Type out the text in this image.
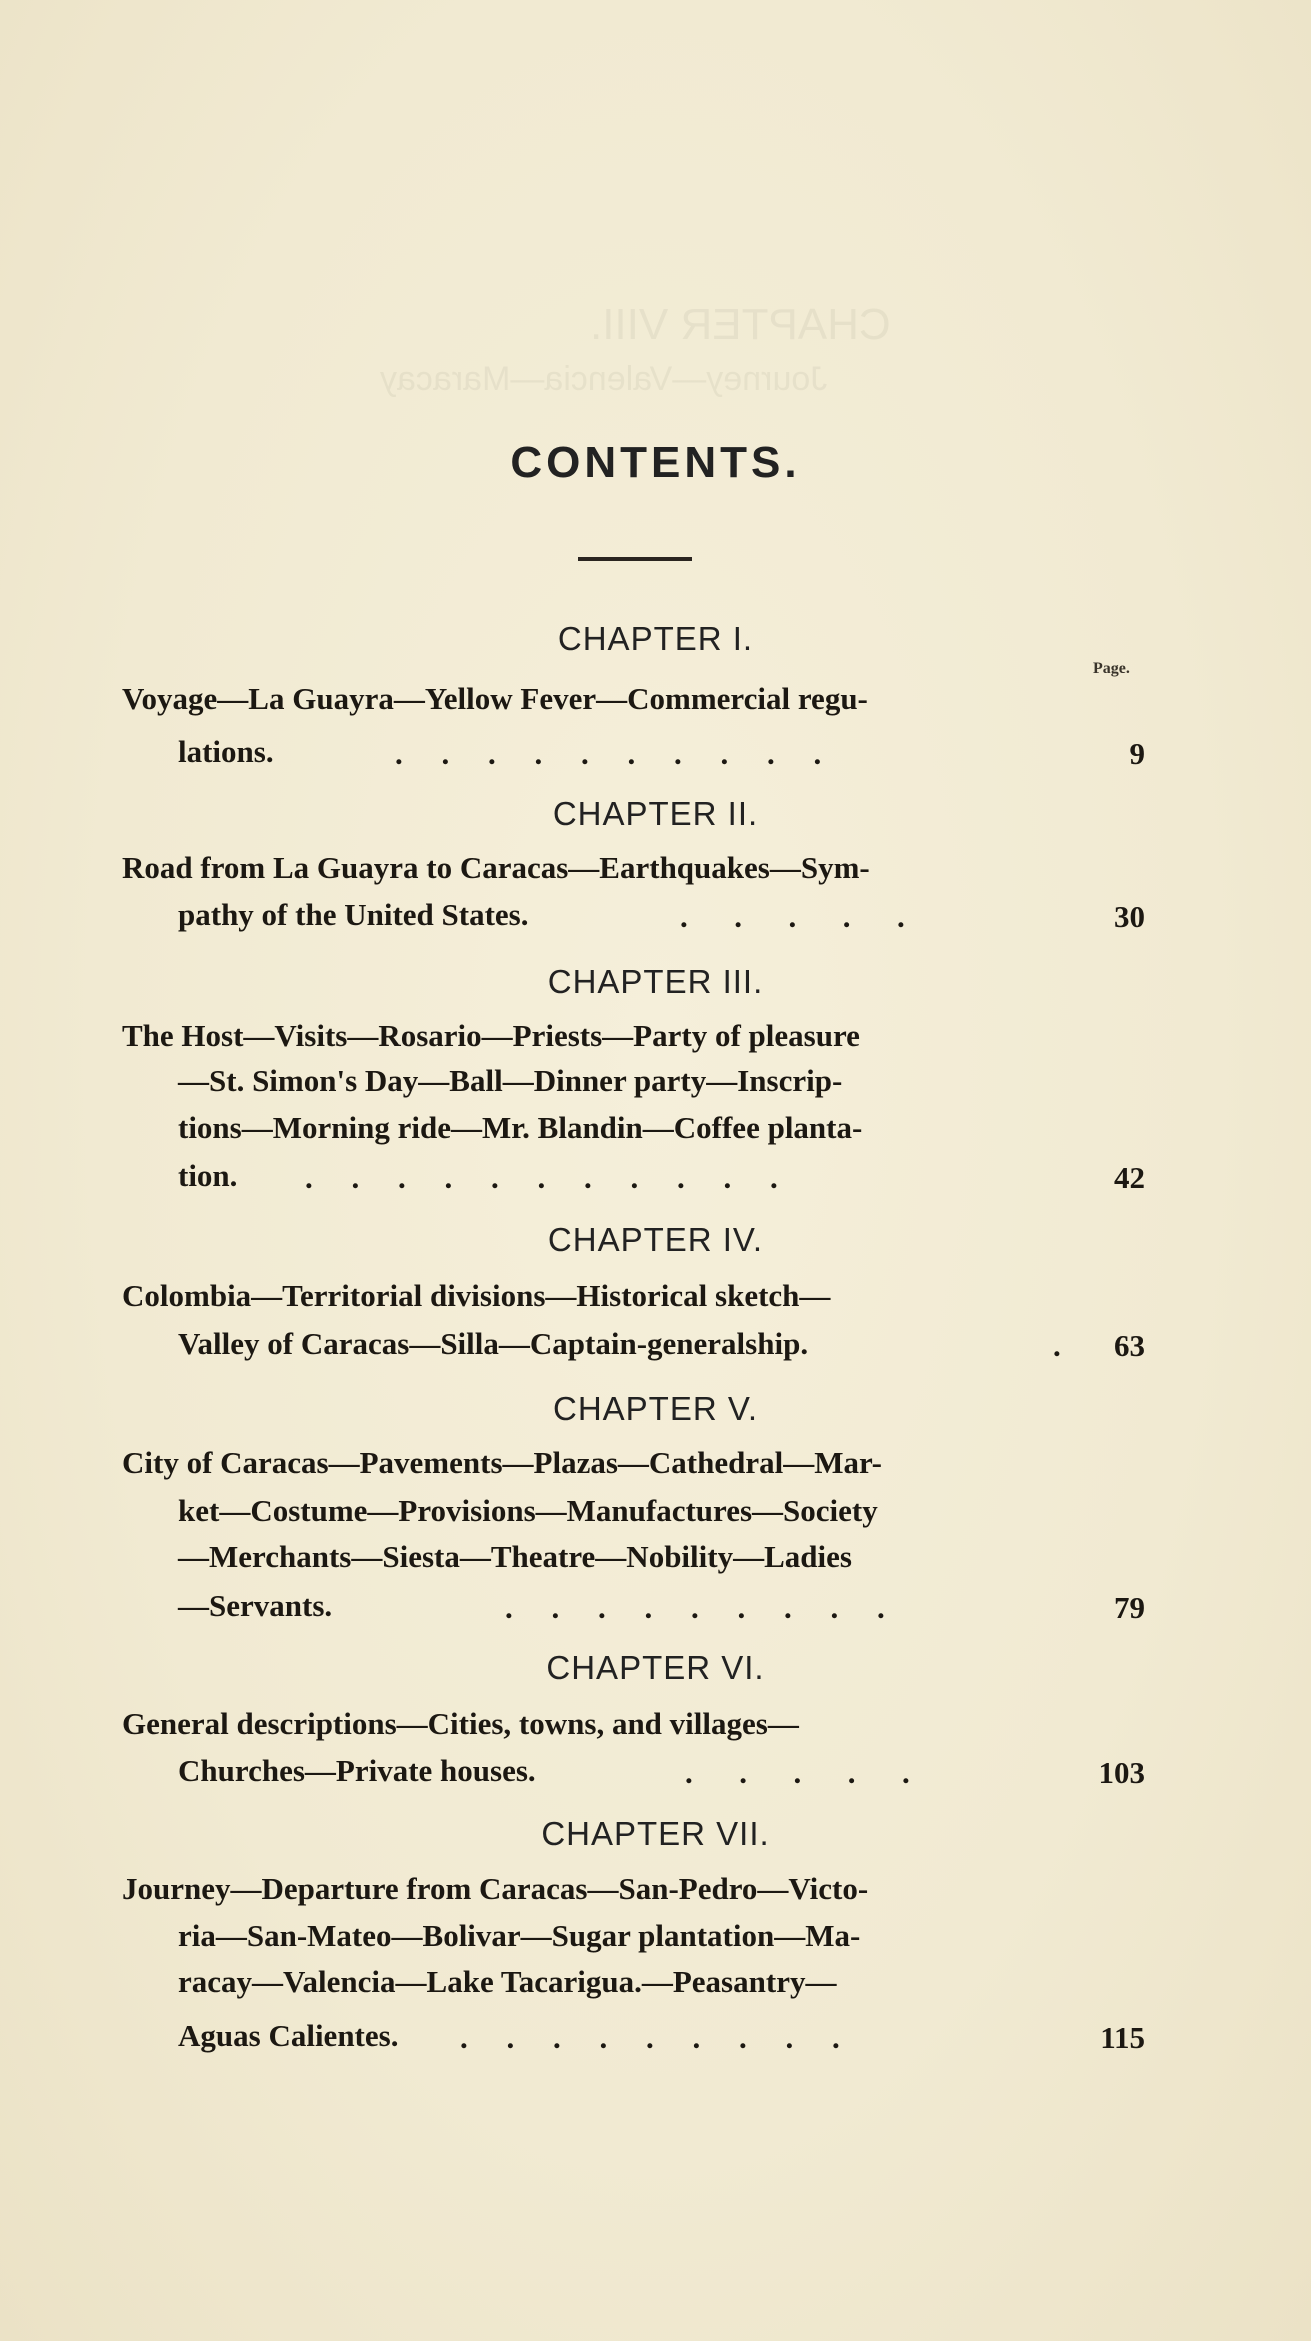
CHAPTER VIII.
Journey—Valencia—Maracay
CONTENTS.
Page.
CHAPTER I.
Voyage—La Guayra—Yellow Fever—Commercial regu-
lations.	.     .     .     .     .     .     .     .     .     .	9
CHAPTER II.
Road from La Guayra to Caracas—Earthquakes—Sym-
pathy of the United States.	.      .      .      .      .	30
CHAPTER III.
The Host—Visits—Rosario—Priests—Party of pleasure
—St. Simon's Day—Ball—Dinner party—Inscrip-
tions—Morning ride—Mr. Blandin—Coffee planta-
tion. .     .     .     .     .     .     .     .     .     .     .	42
CHAPTER IV.
Colombia—Territorial divisions—Historical sketch—
Valley of Caracas—Silla—Captain-generalship.	. 63
CHAPTER V.
City of Caracas—Pavements—Plazas—Cathedral—Mar-
ket—Costume—Provisions—Manufactures—Society
—Merchants—Siesta—Theatre—Nobility—Ladies
—Servants.	.     .     .     .     .     .     .     .     .	79
CHAPTER VI.
General descriptions—Cities, towns, and villages—
Churches—Private houses.	.      .      .      .      .	103
CHAPTER VII.
Journey—Departure from Caracas—San-Pedro—Victo-
ria—San-Mateo—Bolivar—Sugar plantation—Ma-
racay—Valencia—Lake Tacarigua.—Peasantry—
Aguas Calientes. .     .     .     .     .     .     .     .     .	115
